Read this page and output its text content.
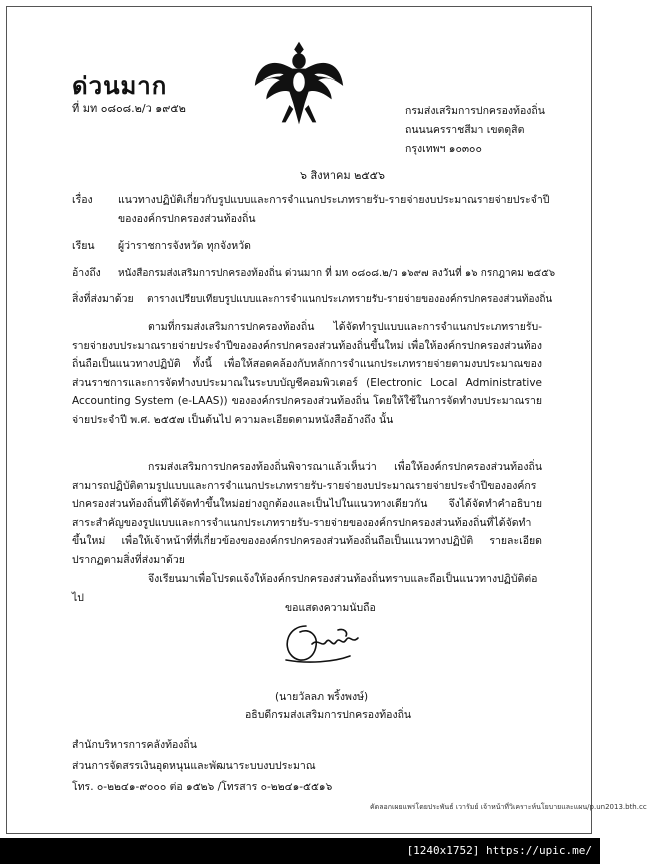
ด่วนมาก
ที่ มท ๐๘๐๘.๒/ว ๑๙๕๒	กรมส่งเสริมการปกครองท้องถิ่น
ถนนนครราชสีมา เขตดุสิต
กรุงเทพฯ ๑๐๓๐๐
๖ สิงหาคม ๒๕๕๖
เรื่อง แนวทางปฏิบัติเกี่ยวกับรูปแบบและการจำแนกประเภทรายรับ-รายจ่ายงบประมาณรายจ่ายประจำปี
ขององค์กรปกครองส่วนท้องถิ่น
เรียน ผู้ว่าราชการจังหวัด ทุกจังหวัด
อ้างถึง หนังสือกรมส่งเสริมการปกครองท้องถิ่น ด่วนมาก ที่ มท ๐๘๐๘.๒/ว ๑๖๙๗ ลงวันที่ ๑๖ กรกฎาคม ๒๕๕๖
สิ่งที่ส่งมาด้วย ตารางเปรียบเทียบรูปแบบและการจำแนกประเภทรายรับ-รายจ่ายขององค์กรปกครองส่วนท้องถิ่น
ตามที่กรมส่งเสริมการปกครองท้องถิ่น ได้จัดทำรูปแบบและการจำแนกประเภทรายรับ-รายจ่ายงบประมาณรายจ่ายประจำปีขององค์กรปกครองส่วนท้องถิ่นขึ้นใหม่ เพื่อให้องค์กรปกครองส่วนท้องถิ่นถือเป็นแนวทางปฏิบัติ ทั้งนี้ เพื่อให้สอดคล้องกับหลักการจำแนกประเภทรายจ่ายตามงบประมาณของส่วนราชการและการจัดทำงบประมาณในระบบบัญชีคอมพิวเตอร์ (Electronic Local Administrative Accounting System (e-LAAS)) ขององค์กรปกครองส่วนท้องถิ่น โดยให้ใช้ในการจัดทำงบประมาณรายจ่ายประจำปี พ.ศ. ๒๕๕๗ เป็นต้นไป ความละเอียดตามหนังสืออ้างถึง นั้น
กรมส่งเสริมการปกครองท้องถิ่นพิจารณาแล้วเห็นว่า เพื่อให้องค์กรปกครองส่วนท้องถิ่นสามารถปฏิบัติตามรูปแบบและการจำแนกประเภทรายรับ-รายจ่ายงบประมาณรายจ่ายประจำปีขององค์กรปกครองส่วนท้องถิ่นที่ได้จัดทำขึ้นใหม่อย่างถูกต้องและเป็นไปในแนวทางเดียวกัน จึงได้จัดทำคำอธิบายสาระสำคัญของรูปแบบและการจำแนกประเภทรายรับ-รายจ่ายขององค์กรปกครองส่วนท้องถิ่นที่ได้จัดทำขึ้นใหม่ เพื่อให้เจ้าหน้าที่ที่เกี่ยวข้องขององค์กรปกครองส่วนท้องถิ่นถือเป็นแนวทางปฏิบัติ รายละเอียดปรากฏตามสิ่งที่ส่งมาด้วย
จึงเรียนมาเพื่อโปรดแจ้งให้องค์กรปกครองส่วนท้องถิ่นทราบและถือเป็นแนวทางปฏิบัติต่อไป
ขอแสดงความนับถือ
(นายวัลลภ พริ้งพงษ์)
อธิบดีกรมส่งเสริมการปกครองท้องถิ่น
สำนักบริหารการคลังท้องถิ่น
ส่วนการจัดสรรเงินอุดหนุนและพัฒนาระบบงบประมาณ
โทร. ๐-๒๒๔๑-๙๐๐๐ ต่อ ๑๕๒๖ /โทรสาร ๐-๒๒๔๑-๕๕๑๖
คัดลอกเผยแพร่โดยประพันธ์ เวารัมย์ เจ้าหน้าที่วิเคราะห์นโยบายและแผน/p.un2013.bth.cc
[1240x1752] https://upic.me/
